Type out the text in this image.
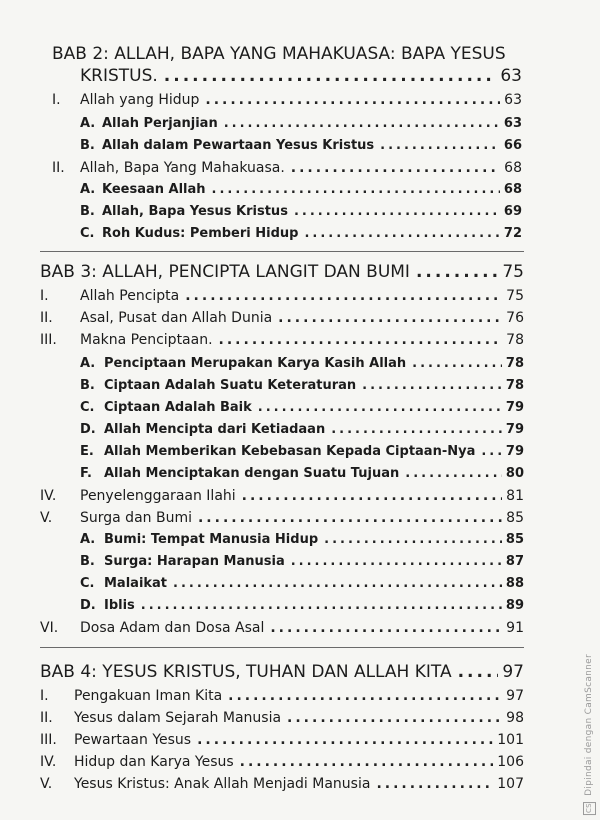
BAB 2: ALLAH, BAPA YANG MAHAKUASA: BAPA YESUS
KRISTUS. .....	63
I.	Allah yang Hidup .....	63
A. Allah Perjanjian .....	63
B. Allah dalam Pewartaan Yesus Kristus .....	66
II.	Allah, Bapa Yang Mahakuasa. .....	68
A. Keesaan Allah .....	68
B. Allah, Bapa Yesus Kristus .....	69
C. Roh Kudus: Pemberi Hidup .....	72
BAB 3: ALLAH, PENCIPTA LANGIT DAN BUMI .....	75
I.	Allah Pencipta .....	75
II.	Asal, Pusat dan Allah Dunia .....	76
III.	Makna Penciptaan. .....	78
A. Penciptaan Merupakan Karya Kasih Allah .....	78
B. Ciptaan Adalah Suatu Keteraturan .....	78
C. Ciptaan Adalah Baik .....	79
D. Allah Mencipta dari Ketiadaan .....	79
E. Allah Memberikan Kebebasan Kepada Ciptaan-Nya ..... 79
F. Allah Menciptakan dengan Suatu Tujuan .....	80
IV.	Penyelenggaraan Ilahi .....	81
V.	Surga dan Bumi .....	85
A. Bumi: Tempat Manusia Hidup .....	85
B. Surga: Harapan Manusia .....	87
C. Malaikat .....	88
D. Iblis .....	89
VI.	Dosa Adam dan Dosa Asal .....	91
BAB 4: YESUS KRISTUS, TUHAN DAN ALLAH KITA .....	97
I.	Pengakuan Iman Kita .....	97
II.	Yesus dalam Sejarah Manusia .....	98
III.	Pewartaan Yesus .....	101
IV.	Hidup dan Karya Yesus .....	106
V.	Yesus Kristus: Anak Allah Menjadi Manusia .....	107
CS Dipindai dengan CamScanner
